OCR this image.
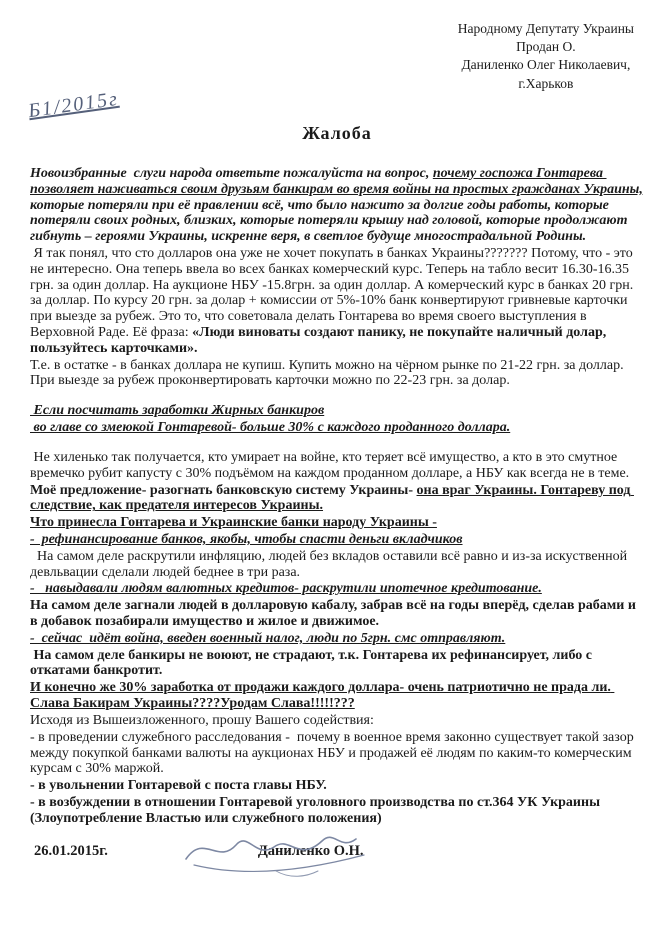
Народному Депутату Украины
Продан О.
Даниленко Олег Николаевич,
г.Харьков
Б1/2015г
Жалоба
Новоизбранные  слуги народа ответьте пожалуйста на вопрос, почему госпожа Гонтарева позволяет наживаться своим друзьям банкирам во время войны на простых гражданах Украины, которые потеряли при её правлении всё, что было нажито за долгие годы работы, которые потеряли своих родных, близких, которые потеряли крышу над головой, которые продолжают гибнуть – героями Украины, искренне веря, в светлое будуще многострадальной Родины.
Я так понял, что сто долларов она уже не хочет покупать в банках Украины??????? Потому, что - это не интересно. Она теперь ввела во всех банках комерческий курс. Теперь на табло весит 16.30-16.35 грн. за один доллар. На аукционе НБУ -15.8грн. за один доллар. А комерческий курс в банках 20 грн. за доллар. По курсу 20 грн. за долар + комиссии от 5%-10% банк конвертируют гривневые карточки при выезде за рубеж. Это то, что советовала делать Гонтарева во время своего выступления в Верховной Раде. Её фраза: «Люди виноваты создают панику, не покупайте наличный долар, пользуйтесь карточками».
Т.е. в остатке - в банках доллара не купиш. Купить можно на чёрном рынке по 21-22 грн. за доллар. При выезде за рубеж проконвертировать карточки можно по 22-23 грн. за долар.
Если посчитать заработки Жирных банкиров
во главе со змеюкой Гонтаревой- больше 30% с каждого проданного доллара.
Не хиленько так получается, кто умирает на войне, кто теряет всё имущество, а кто в это смутное времечко рубит капусту с 30% подъёмом на каждом проданном долларе, а НБУ как всегда не в теме.
Моё предложение- разогнать банковскую систему Украины- она враг Украины. Гонтареву под следствие, как предателя интересов Украины.
Что принесла Гонтарева и Украинские банки народу Украины -
-  рефинансирование банков, якобы, чтобы спасти деньги вкладчиков
На самом деле раскрутили инфляцию, людей без вкладов оставили всё равно и из-за искуственной девльвации сделали людей беднее в три раза.
-   навыдавали людям валютных кредитов- раскрутили ипотечное кредитование.
На самом деле загнали людей в долларовую кабалу, забрав всё на годы вперёд, сделав рабами и в добавок позабирали имущество и жилое и движимое.
-  сейчас  идёт война, введен военный налог, люди по 5грн. смс отправляют.
На самом деле банкиры не воюют, не страдают, т.к. Гонтарева их рефинансирует, либо с откатами банкротит.
И конечно же 30% заработка от продажи каждого доллара- очень патриотично не прада ли. Слава Бакирам Украины????Уродам Слава!!!!!???
Исходя из Вышеизложенного, прошу Вашего содействия:
- в проведении служебного расследования -  почему в военное время законно существует такой зазор между покупкой банками валюты на аукционах НБУ и продажей её людям по каким-то комерческим курсам с 30% маржой.
- в увольнении Гонтаревой с поста главы НБУ.
- в возбуждении в отношении Гонтаревой уголовного производства по ст.364 УК Украины (Злоупотребление Властью или служебного положения)
26.01.2015г.	Даниленко О.Н.
